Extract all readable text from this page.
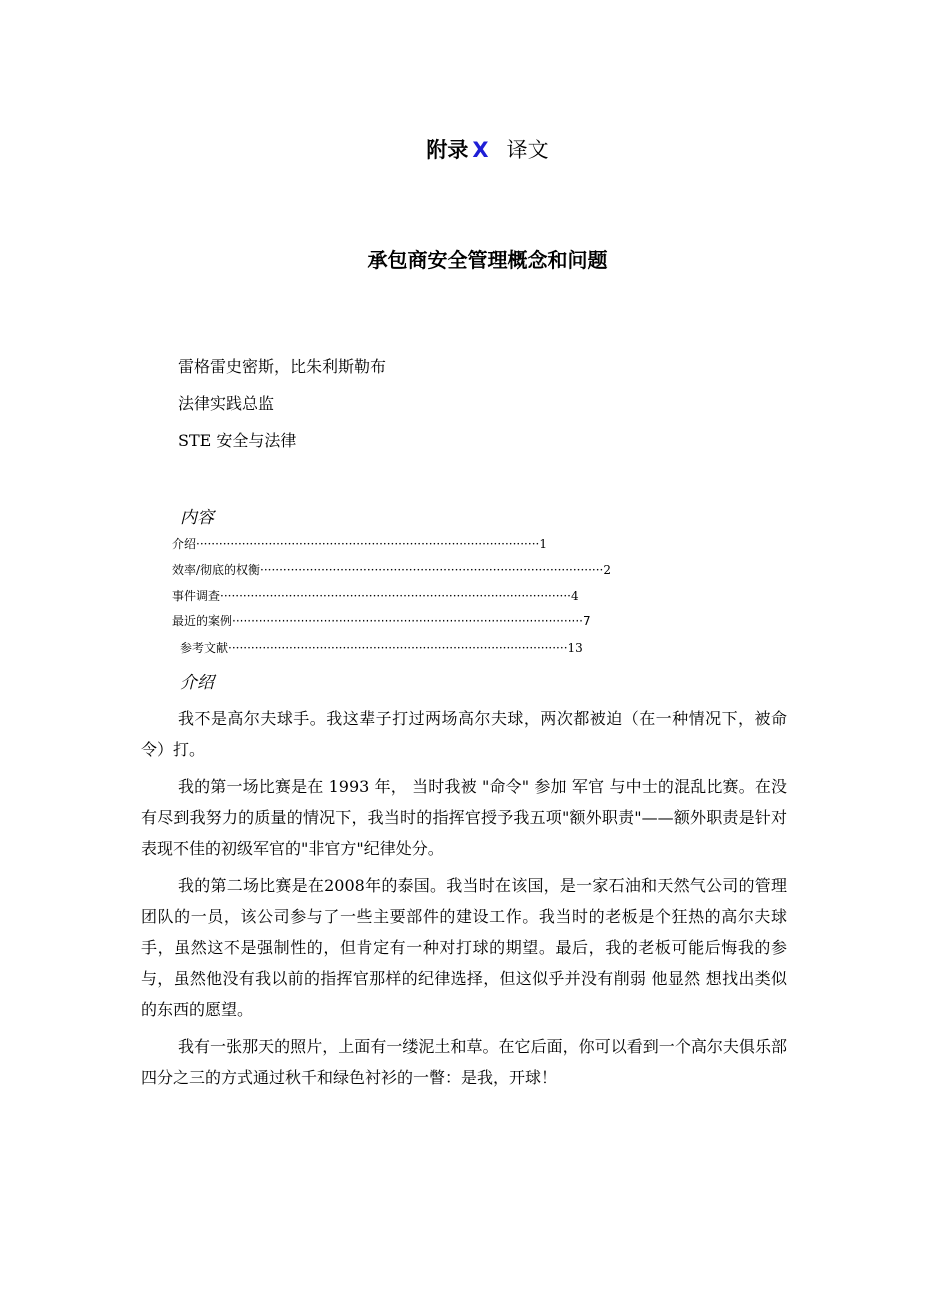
附录 X 译文
承包商安全管理概念和问题
雷格雷史密斯，比朱利斯勒布
法律实践总监
STE 安全与法律
内容
介绍··························································································1
效率/彻底的权衡··························································································2
事件调查····························································································4
最近的案例····························································································7
参考文献·························································································13
介绍

我不是高尔夫球手。我这辈子打过两场高尔夫球，两次都被迫（在一种情况下，被命令）打。

我的第一场比赛是在 1993 年， 当时我被 "命令" 参加 军官 与中士的混乱比赛。在没有尽到我努力的质量的情况下，我当时的指挥官授予我五项"额外职责"——额外职责是针对表现不佳的初级军官的"非官方"纪律处分。

我的第二场比赛是在2008年的泰国。我当时在该国，是一家石油和天然气公司的管理团队的一员，该公司参与了一些主要部件的建设工作。我当时的老板是个狂热的高尔夫球手，虽然这不是强制性的，但肯定有一种对打球的期望。最后，我的老板可能后悔我的参与，虽然他没有我以前的指挥官那样的纪律选择，但这似乎并没有削弱 他显然 想找出类似的东西的愿望。

我有一张那天的照片，上面有一缕泥土和草。在它后面，你可以看到一个高尔夫俱乐部四分之三的方式通过秋千和绿色衬衫的一瞥：是我，开球！
